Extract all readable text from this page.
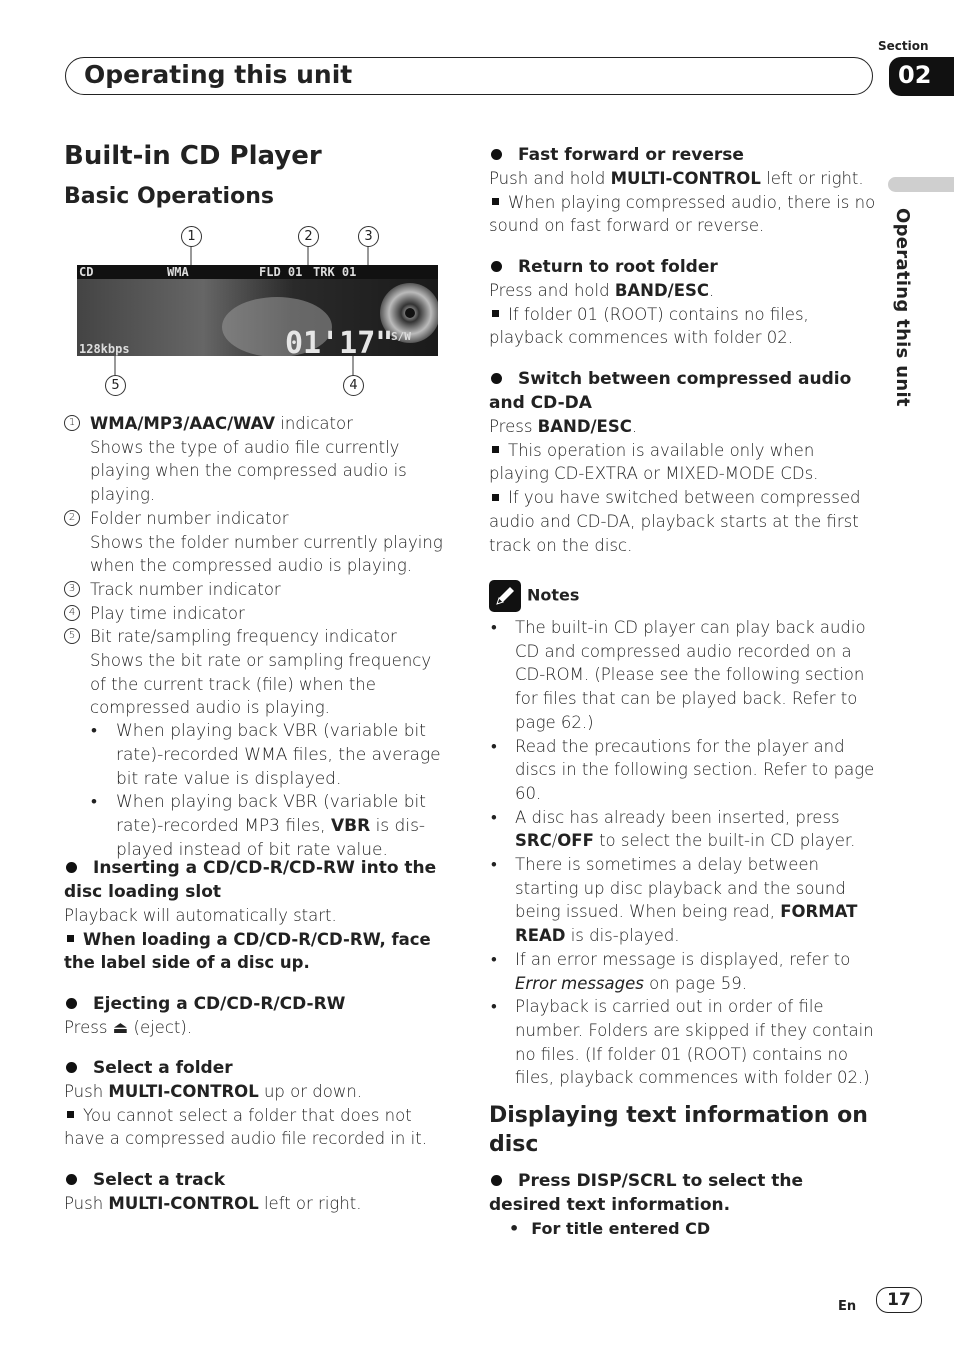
Operating this unit
Section
02
Operating this unit
Built-in CD Player
Basic Operations
1	2	3
CD	WMA	FLD 01 TRK 01
01'17"
S/W
128kbps
5	4
1 WMA/MP3/AAC/WAV indicator
Shows the type of audio file currently playing when the compressed audio is playing.
2 Folder number indicator
Shows the folder number currently playing when the compressed audio is playing.
3 Track number indicator
4 Play time indicator
5 Bit rate/sampling frequency indicator
Shows the bit rate or sampling frequency of the current track (file) when the compressed audio is playing.
• When playing back VBR (variable bit rate)-recorded WMA files, the average bit rate value is displayed.
• When playing back VBR (variable bit rate)-recorded MP3 files, VBR is dis-played instead of bit rate value.
Inserting a CD/CD-R/CD-RW into the disc loading slot
Playback will automatically start.
When loading a CD/CD-R/CD-RW, face the label side of a disc up.
Ejecting a CD/CD-R/CD-RW
Press ⏏ (eject).
Select a folder
Push MULTI-CONTROL up or down.
You cannot select a folder that does not have a compressed audio file recorded in it.
Select a track
Push MULTI-CONTROL left or right.
Fast forward or reverse
Push and hold MULTI-CONTROL left or right.
When playing compressed audio, there is no sound on fast forward or reverse.
Return to root folder
Press and hold BAND/ESC.
If folder 01 (ROOT) contains no files, playback commences with folder 02.
Switch between compressed audio and CD-DA
Press BAND/ESC.
This operation is available only when playing CD-EXTRA or MIXED-MODE CDs.
If you have switched between compressed audio and CD-DA, playback starts at the first track on the disc.
Notes
• The built-in CD player can play back audio CD and compressed audio recorded on a CD-ROM. (Please see the following section for files that can be played back. Refer to page 62.)
• Read the precautions for the player and discs in the following section. Refer to page 60.
• A disc has already been inserted, press SRC/OFF to select the built-in CD player.
• There is sometimes a delay between starting up disc playback and the sound being issued. When being read, FORMAT READ is dis-played.
• If an error message is displayed, refer to Error messages on page 59.
• Playback is carried out in order of file number. Folders are skipped if they contain no files. (If folder 01 (ROOT) contains no files, playback commences with folder 02.)
Displaying text information on disc
Press DISP/SCRL to select the desired text information.
• For title entered CD
En	17
